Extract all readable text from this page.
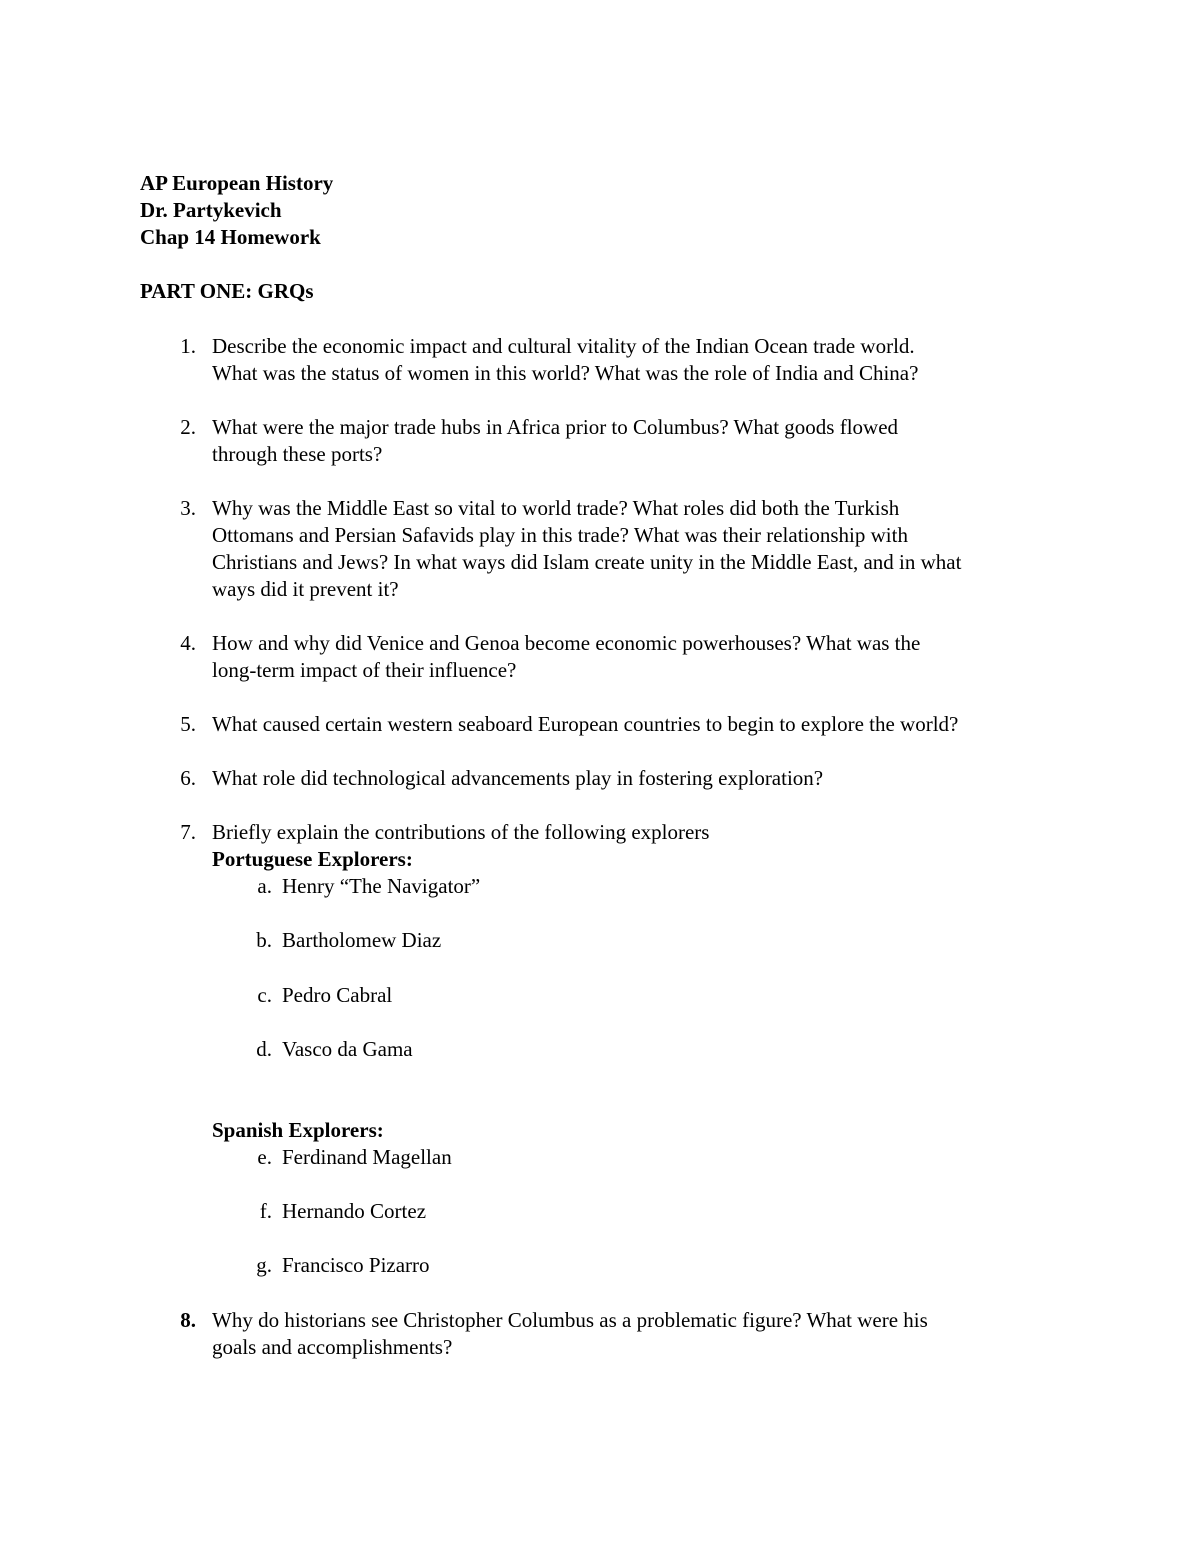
AP European History
Dr. Partykevich
Chap 14 Homework
PART ONE: GRQs
1. Describe the economic impact and cultural vitality of the Indian Ocean trade world.
What was the status of women in this world? What was the role of India and China?
2. What were the major trade hubs in Africa prior to Columbus? What goods flowed
through these ports?
3. Why was the Middle East so vital to world trade? What roles did both the Turkish
Ottomans and Persian Safavids play in this trade? What was their relationship with
Christians and Jews? In what ways did Islam create unity in the Middle East, and in what
ways did it prevent it?
4. How and why did Venice and Genoa become economic powerhouses? What was the
long-term impact of their influence?
5. What caused certain western seaboard European countries to begin to explore the world?
6. What role did technological advancements play in fostering exploration?
7. Briefly explain the contributions of the following explorers
Portuguese Explorers:
a. Henry “The Navigator”
b. Bartholomew Diaz
c. Pedro Cabral
d. Vasco da Gama
Spanish Explorers:
e. Ferdinand Magellan
f. Hernando Cortez
g. Francisco Pizarro
8. Why do historians see Christopher Columbus as a problematic figure? What were his
goals and accomplishments?
